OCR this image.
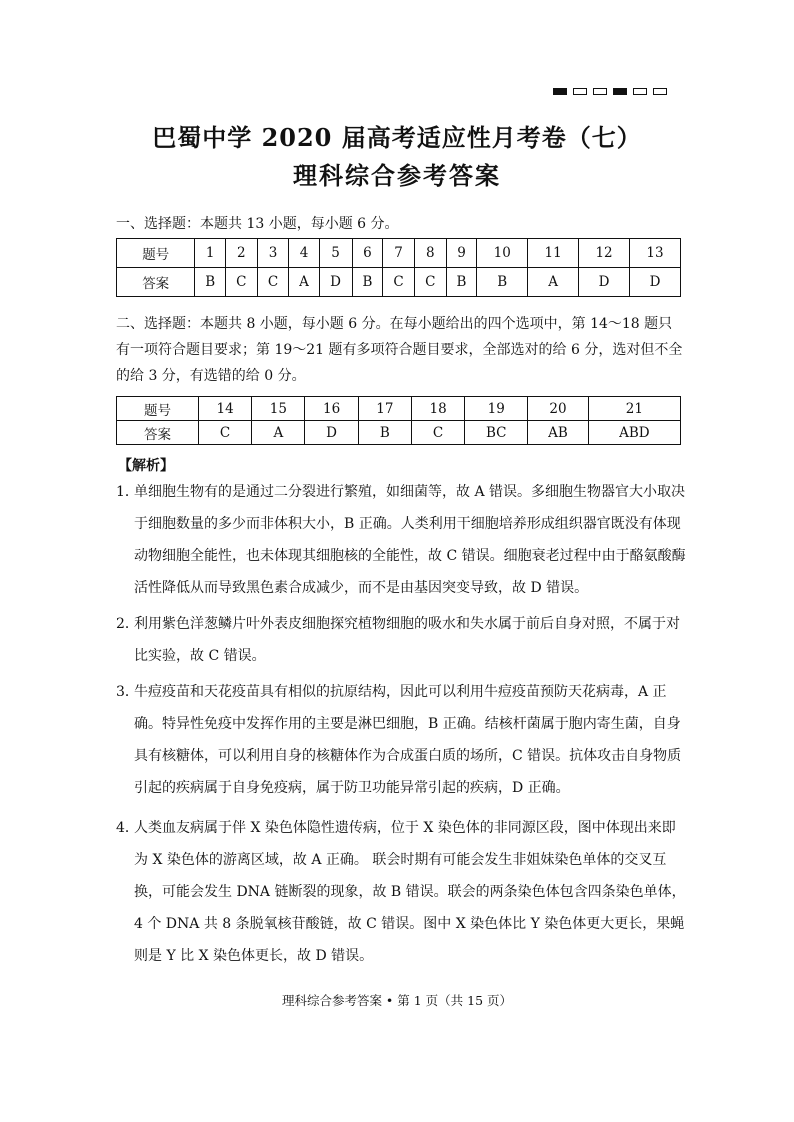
巴蜀中学 2020 届高考适应性月考卷（七）
理科综合参考答案
一、选择题：本题共 13 小题，每小题 6 分。
题号	1	2	3	4	5	6	7	8	9	10	11	12	13
答案	B	C	C	A	D	B	C	C	B	B	A	D	D
二、选择题：本题共 8 小题，每小题 6 分。在每小题给出的四个选项中，第 14～18 题只有一项符合题目要求；第 19～21 题有多项符合题目要求，全部选对的给 6 分，选对但不全的给 3 分，有选错的给 0 分。
题号	14	15	16	17	18	19	20	21
答案	C	A	D	B	C	BC	AB	ABD
【解析】
1．
单细胞生物有的是通过二分裂进行繁殖，如细菌等，故 A 错误。多细胞生物器官大小取决于细胞数量的多少而非体积大小，B 正确。人类利用干细胞培养形成组织器官既没有体现动物细胞全能性，也未体现其细胞核的全能性，故 C 错误。细胞衰老过程中由于酪氨酸酶活性降低从而导致黑色素合成减少，而不是由基因突变导致，故 D 错误。
2．
利用紫色洋葱鳞片叶外表皮细胞探究植物细胞的吸水和失水属于前后自身对照，不属于对比实验，故 C 错误。
3．
牛痘疫苗和天花疫苗具有相似的抗原结构，因此可以利用牛痘疫苗预防天花病毒，A 正确。特异性免疫中发挥作用的主要是淋巴细胞，B 正确。结核杆菌属于胞内寄生菌，自身具有核糖体，可以利用自身的核糖体作为合成蛋白质的场所，C 错误。抗体攻击自身物质引起的疾病属于自身免疫病，属于防卫功能异常引起的疾病，D 正确。
4．
人类血友病属于伴 X 染色体隐性遗传病，位于 X 染色体的非同源区段，图中体现出来即为 X 染色体的游离区域，故 A 正确。 联会时期有可能会发生非姐妹染色单体的交叉互换，可能会发生 DNA 链断裂的现象，故 B 错误。联会的两条染色体包含四条染色单体，4 个 DNA 共 8 条脱氧核苷酸链，故 C 错误。图中 X 染色体比 Y 染色体更大更长，果蝇则是 Y 比 X 染色体更长，故 D 错误。
理科综合参考答案 • 第 1 页（共 15 页）
